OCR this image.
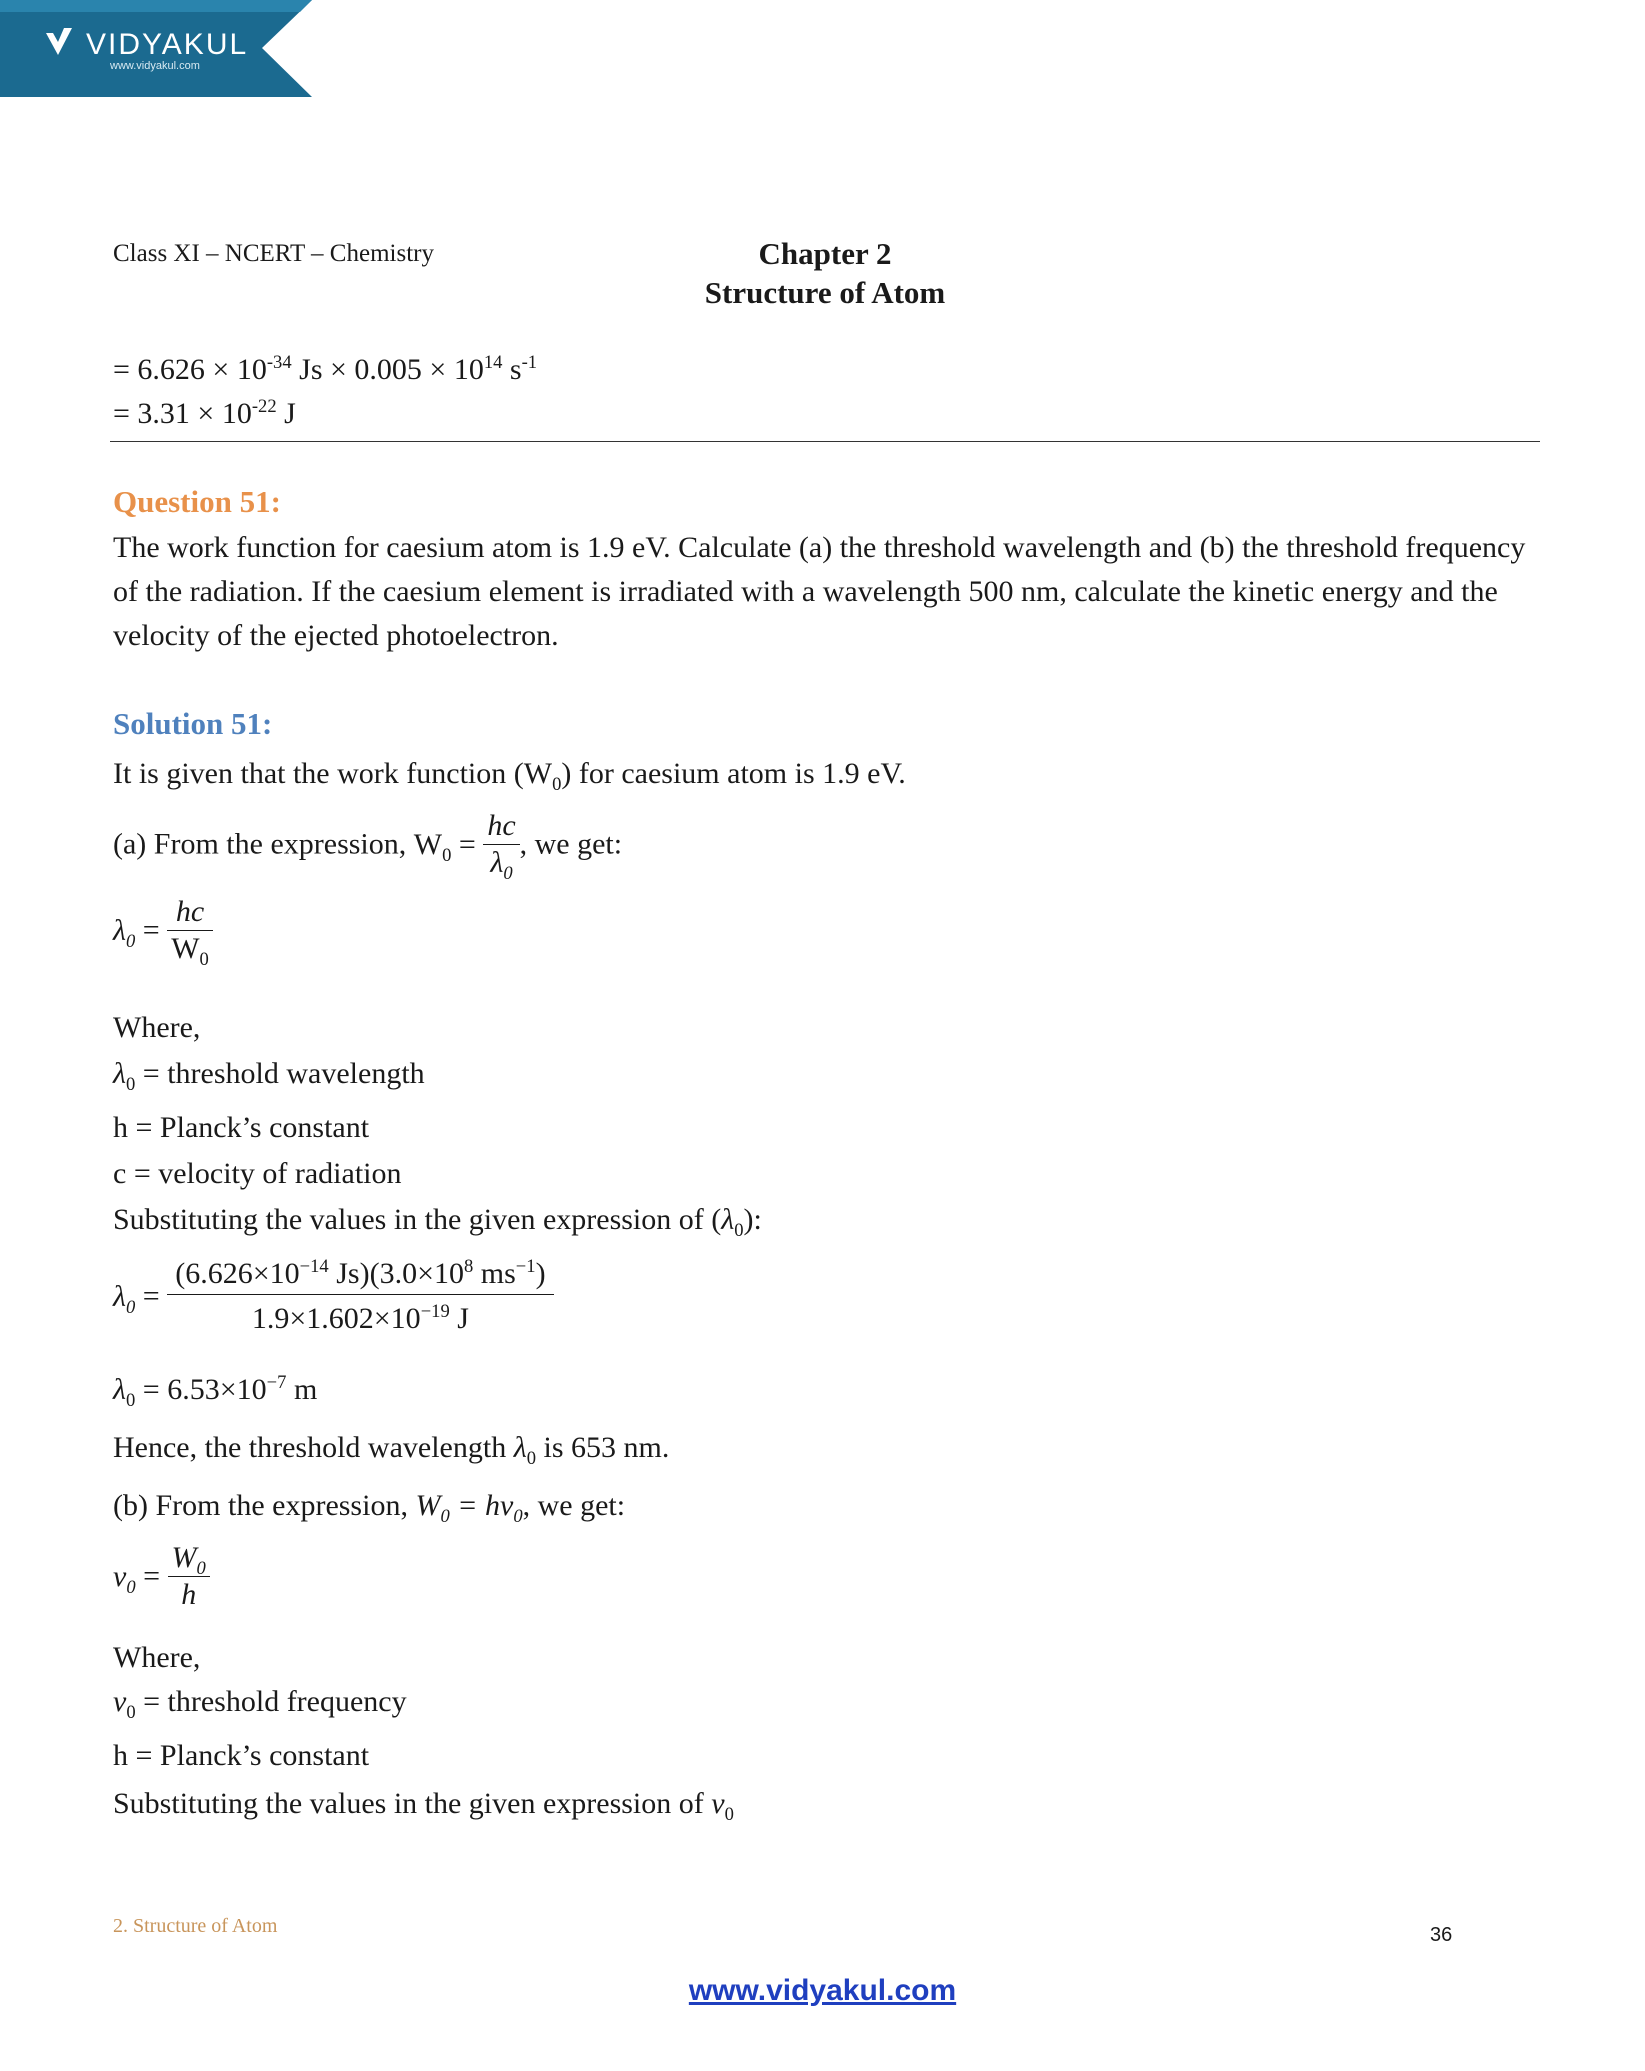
VIDYAKUL
www.vidyakul.com
Class XI – NCERT – Chemistry	Chapter 2
Structure of Atom
= $6.626 \times 10^{-34}$ $Js \times 0.005 \times 10^{14}$ $s^{-1}$
= $3.31 \times 10^{-22}$ J
Question 51:
The work function for caesium atom is 1.9 eV. Calculate (a) the threshold wavelength and (b) the threshold frequency of the radiation. If the caesium element is irradiated with a wavelength 500 nm, calculate the kinetic energy and the velocity of the ejected photoelectron.
Solution 51:
It is given that the work function $(W_0)$ for caesium atom is 1.9 eV.
(a) From the expression, $W_0 = \frac{hc}{\lambda_0}$ , we get:
$\lambda_0 = \frac{hc}{W_0}$
Where,
$\lambda_0$ = threshold wavelength
h = Planck’s constant
c = velocity of radiation
Substituting the values in the given expression of $(\lambda_0)$:
$\lambda_0 = \frac{(6.626\times 10^{-14} Js)(3.0\times 10^8 ms^{-1})}{1.9\times 1.602\times 10^{-19} J}$
$\lambda_0 = 6.53\times 10^{-7}$ m
Hence, the threshold wavelength $\lambda_0$ is 653 nm.
(b) From the expression, $W_0 = hv_0$, we get:
$v_0 = \frac{W_0}{h}$
Where,
$v_0$ = threshold frequency
h = Planck’s constant
Substituting the values in the given expression of $v_0$
2. Structure of Atom	36
www.vidyakul.com
